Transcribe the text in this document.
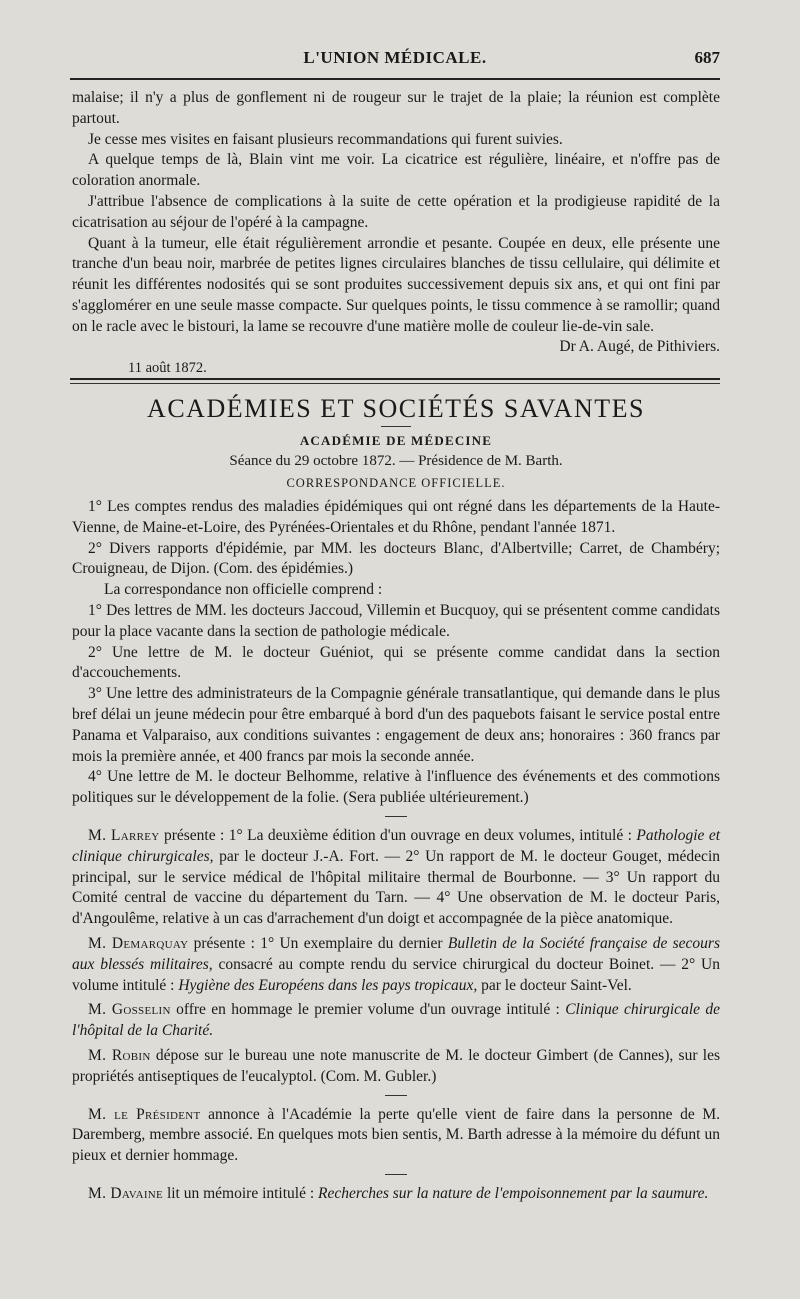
L'UNION MÉDICALE.	687

malaise; il n'y a plus de gonflement ni de rougeur sur le trajet de la plaie; la réunion est complète partout.

Je cesse mes visites en faisant plusieurs recommandations qui furent suivies.

A quelque temps de là, Blain vint me voir. La cicatrice est régulière, linéaire, et n'offre pas de coloration anormale.

J'attribue l'absence de complications à la suite de cette opération et la prodigieuse rapidité de la cicatrisation au séjour de l'opéré à la campagne.

Quant à la tumeur, elle était régulièrement arrondie et pesante. Coupée en deux, elle présente une tranche d'un beau noir, marbrée de petites lignes circulaires blanches de tissu cellulaire, qui délimite et réunit les différentes nodosités qui se sont produites successivement depuis six ans, et qui ont fini par s'agglomérer en une seule masse compacte. Sur quelques points, le tissu commence à se ramollir; quand on le racle avec le bistouri, la lame se recouvre d'une matière molle de couleur lie-de-vin sale.

Dr A. Augé, de Pithiviers.
11 août 1872.
ACADÉMIES ET SOCIÉTÉS SAVANTES
ACADÉMIE DE MÉDECINE
Séance du 29 octobre 1872. — Présidence de M. Barth.
CORRESPONDANCE OFFICIELLE.

1° Les comptes rendus des maladies épidémiques qui ont régné dans les départements de la Haute-Vienne, de Maine-et-Loire, des Pyrénées-Orientales et du Rhône, pendant l'année 1871.

2° Divers rapports d'épidémie, par MM. les docteurs Blanc, d'Albertville; Carret, de Chambéry; Crouigneau, de Dijon. (Com. des épidémies.)

La correspondance non officielle comprend :

1° Des lettres de MM. les docteurs Jaccoud, Villemin et Bucquoy, qui se présentent comme candidats pour la place vacante dans la section de pathologie médicale.

2° Une lettre de M. le docteur Guéniot, qui se présente comme candidat dans la section d'accouchements.

3° Une lettre des administrateurs de la Compagnie générale transatlantique, qui demande dans le plus bref délai un jeune médecin pour être embarqué à bord d'un des paquebots faisant le service postal entre Panama et Valparaiso, aux conditions suivantes : engagement de deux ans; honoraires : 360 francs par mois la première année, et 400 francs par mois la seconde année.

4° Une lettre de M. le docteur Belhomme, relative à l'influence des événements et des commotions politiques sur le développement de la folie. (Sera publiée ultérieurement.)

M. Larrey présente : 1° La deuxième édition d'un ouvrage en deux volumes, intitulé : Pathologie et clinique chirurgicales, par le docteur J.-A. Fort. — 2° Un rapport de M. le docteur Gouget, médecin principal, sur le service médical de l'hôpital militaire thermal de Bourbonne. — 3° Un rapport du Comité central de vaccine du département du Tarn. — 4° Une observation de M. le docteur Paris, d'Angoulême, relative à un cas d'arrachement d'un doigt et accompagnée de la pièce anatomique.

M. Demarquay présente : 1° Un exemplaire du dernier Bulletin de la Société française de secours aux blessés militaires, consacré au compte rendu du service chirurgical du docteur Boinet. — 2° Un volume intitulé : Hygiène des Européens dans les pays tropicaux, par le docteur Saint-Vel.

M. Gosselin offre en hommage le premier volume d'un ouvrage intitulé : Clinique chirurgicale de l'hôpital de la Charité.

M. Robin dépose sur le bureau une note manuscrite de M. le docteur Gimbert (de Cannes), sur les propriétés antiseptiques de l'eucalyptol. (Com. M. Gubler.)

M. le Président annonce à l'Académie la perte qu'elle vient de faire dans la personne de M. Daremberg, membre associé. En quelques mots bien sentis, M. Barth adresse à la mémoire du défunt un pieux et dernier hommage.

M. Davaine lit un mémoire intitulé : Recherches sur la nature de l'empoisonnement par la saumure.
